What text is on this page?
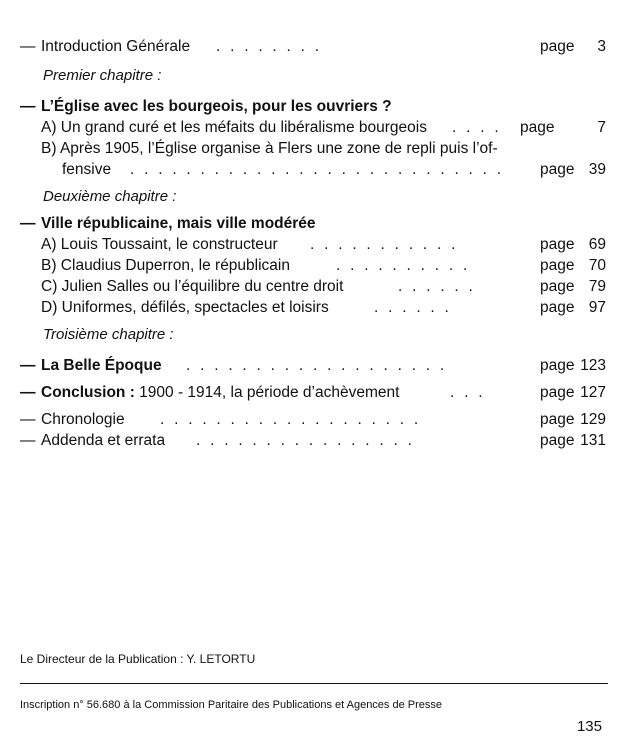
— Introduction Générale ........	page 3
Premier chapitre :
— L’Église avec les bourgeois, pour les ouvriers ?
A) Un grand curé et les méfaits du libéralisme bourgeois .... page	7
B) Après 1905, l’Église organise à Flers une zone de repli puis l’of-
fensive ...........................	page 39
Deuxième chapitre :
— Ville républicaine, mais ville modérée
A) Louis Toussaint, le constructeur ...........	page 69
B) Claudius Duperron, le républicain	..........	page 70
C) Julien Salles ou l’équilibre du centre droit	......	page 79
D) Uniformes, défilés, spectacles et loisirs	......	page 97
Troisième chapitre :
— La Belle Époque ...................	page 123
— Conclusion : 1900 - 1914, la période d’achèvement	...	page 127
— Chronologie ...................	page 129
— Addenda et errata ................	page 131
Le Directeur de la Publication : Y. LETORTU
Inscription n° 56.680 à la Commission Paritaire des Publications et Agences de Presse
135
